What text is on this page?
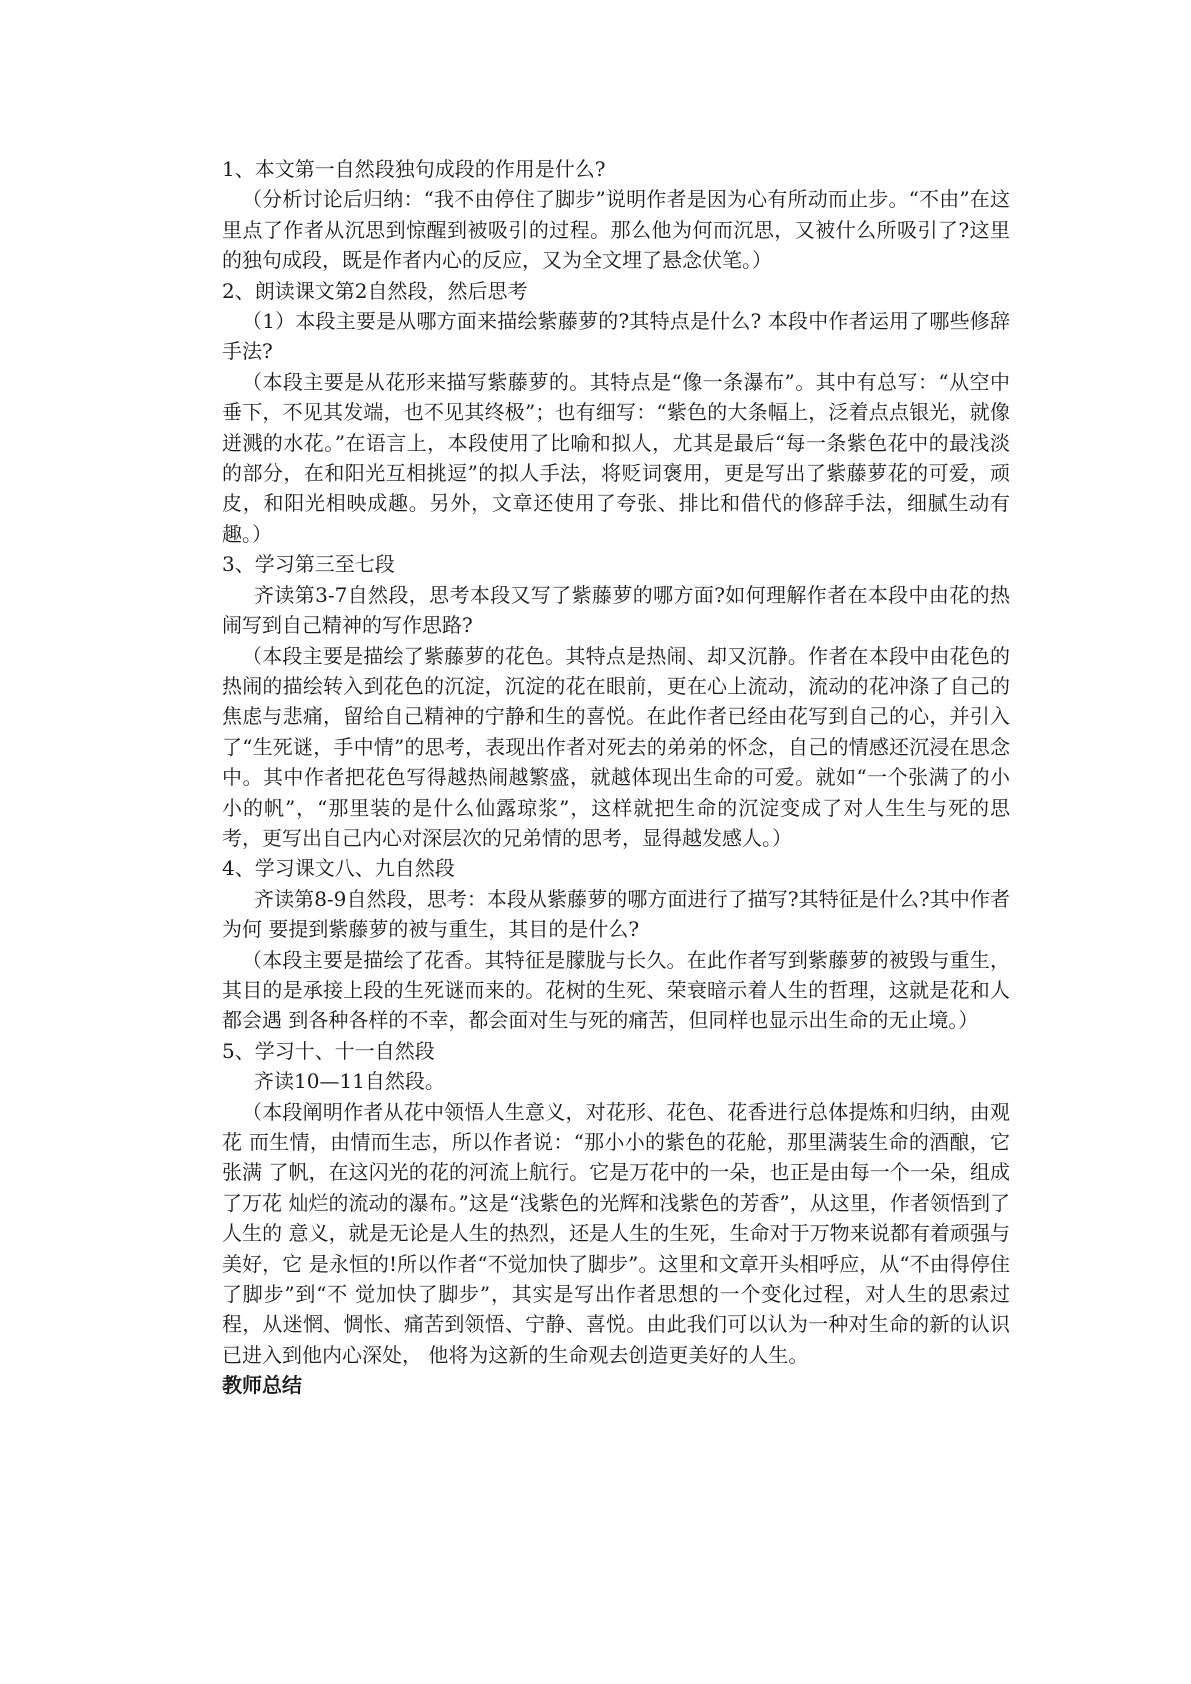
1、本文第一自然段独句成段的作用是什么?

（分析讨论后归纳：“我不由停住了脚步”说明作者是因为心有所动而止步。“不由”在这里点了作者从沉思到惊醒到被吸引的过程。那么他为何而沉思，又被什么所吸引了?这里的独句成段，既是作者内心的反应，又为全文埋了悬念伏笔。）

2、朗读课文第2自然段，然后思考

（1）本段主要是从哪方面来描绘紫藤萝的?其特点是什么? 本段中作者运用了哪些修辞手法?

（本段主要是从花形来描写紫藤萝的。其特点是“像一条瀑布”。其中有总写：“从空中垂下，不见其发端，也不见其终极”；也有细写：“紫色的大条幅上，泛着点点银光，就像迸溅的水花。”在语言上，本段使用了比喻和拟人，尤其是最后“每一条紫色花中的最浅淡的部分，在和阳光互相挑逗”的拟人手法，将贬词褒用，更是写出了紫藤萝花的可爱，顽皮，和阳光相映成趣。另外，文章还使用了夸张、排比和借代的修辞手法，细腻生动有趣。）

3、学习第三至七段

齐读第3-7自然段，思考本段又写了紫藤萝的哪方面?如何理解作者在本段中由花的热闹写到自己精神的写作思路?

（本段主要是描绘了紫藤萝的花色。其特点是热闹、却又沉静。作者在本段中由花色的热闹的描绘转入到花色的沉淀，沉淀的花在眼前，更在心上流动，流动的花冲涤了自己的焦虑与悲痛，留给自己精神的宁静和生的喜悦。在此作者已经由花写到自己的心，并引入了“生死谜，手中情”的思考，表现出作者对死去的弟弟的怀念，自己的情感还沉浸在思念中。其中作者把花色写得越热闹越繁盛，就越体现出生命的可爱。就如“一个张满了的小小的帆”，“那里装的是什么仙露琼浆”，这样就把生命的沉淀变成了对人生生与死的思考，更写出自己内心对深层次的兄弟情的思考，显得越发感人。）

4、学习课文八、九自然段

齐读第8-9自然段，思考：本段从紫藤萝的哪方面进行了描写?其特征是什么?其中作者为何 要提到紫藤萝的被与重生，其目的是什么?

（本段主要是描绘了花香。其特征是朦胧与长久。在此作者写到紫藤萝的被毁与重生，其目的是承接上段的生死谜而来的。花树的生死、荣衰暗示着人生的哲理，这就是花和人都会遇 到各种各样的不幸，都会面对生与死的痛苦，但同样也显示出生命的无止境。）

5、学习十、十一自然段

齐读10—11自然段。

（本段阐明作者从花中领悟人生意义，对花形、花色、花香进行总体提炼和归纳，由观花 而生情，由情而生志，所以作者说：“那小小的紫色的花舱，那里满装生命的酒酿，它张满 了帆，在这闪光的花的河流上航行。它是万花中的一朵，也正是由每一个一朵，组成了万花 灿烂的流动的瀑布。”这是“浅紫色的光辉和浅紫色的芳香”，从这里，作者领悟到了人生的 意义，就是无论是人生的热烈，还是人生的生死，生命对于万物来说都有着顽强与美好，它 是永恒的!所以作者“不觉加快了脚步”。这里和文章开头相呼应，从“不由得停住了脚步”到“不 觉加快了脚步”，其实是写出作者思想的一个变化过程，对人生的思索过程，从迷惘、惆怅、痛苦到领悟、宁静、喜悦。由此我们可以认为一种对生命的新的认识已进入到他内心深处， 他将为这新的生命观去创造更美好的人生。

教师总结
